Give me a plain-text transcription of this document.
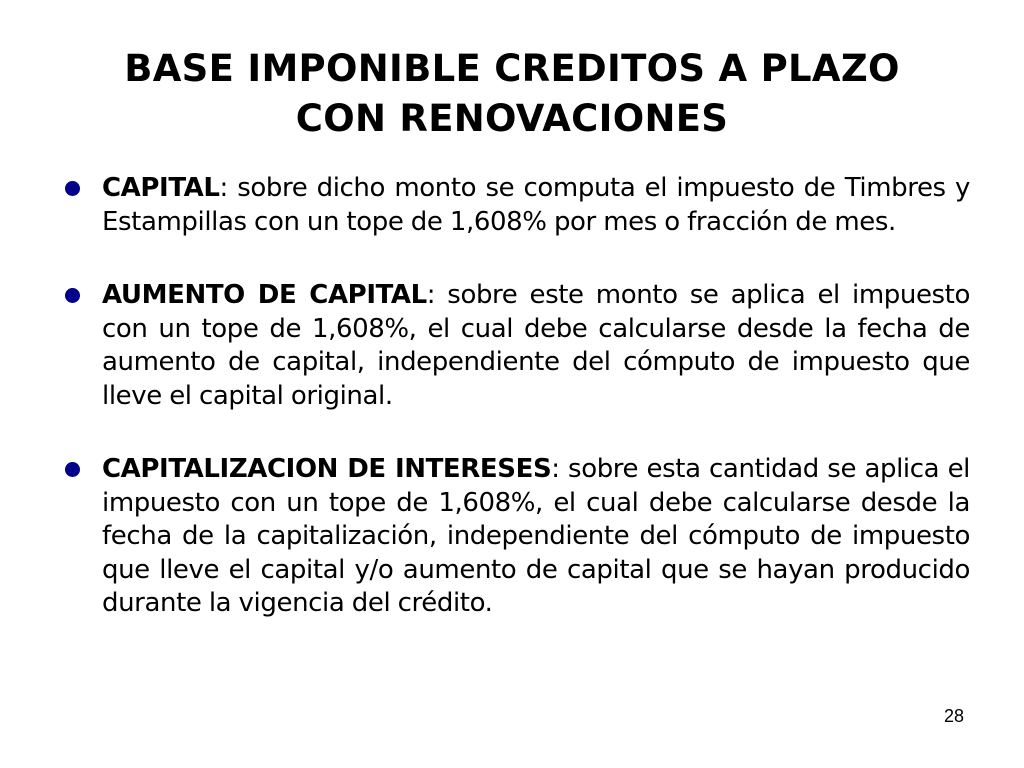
BASE IMPONIBLE CREDITOS A PLAZO
CON RENOVACIONES
CAPITAL: sobre dicho monto se computa el impuesto de Timbres y Estampillas con un tope de 1,608% por mes o fracción de mes.
AUMENTO DE CAPITAL: sobre este monto se aplica el impuesto con un tope de 1,608%, el cual debe calcularse desde la fecha de aumento de capital, independiente del cómputo de impuesto que lleve el capital original.
CAPITALIZACION DE INTERESES: sobre esta cantidad se aplica el impuesto con un tope de 1,608%, el cual debe calcularse desde la fecha de la capitalización, independiente del cómputo de impuesto que lleve el capital y/o aumento de capital que se hayan producido durante la vigencia del crédito.
28
